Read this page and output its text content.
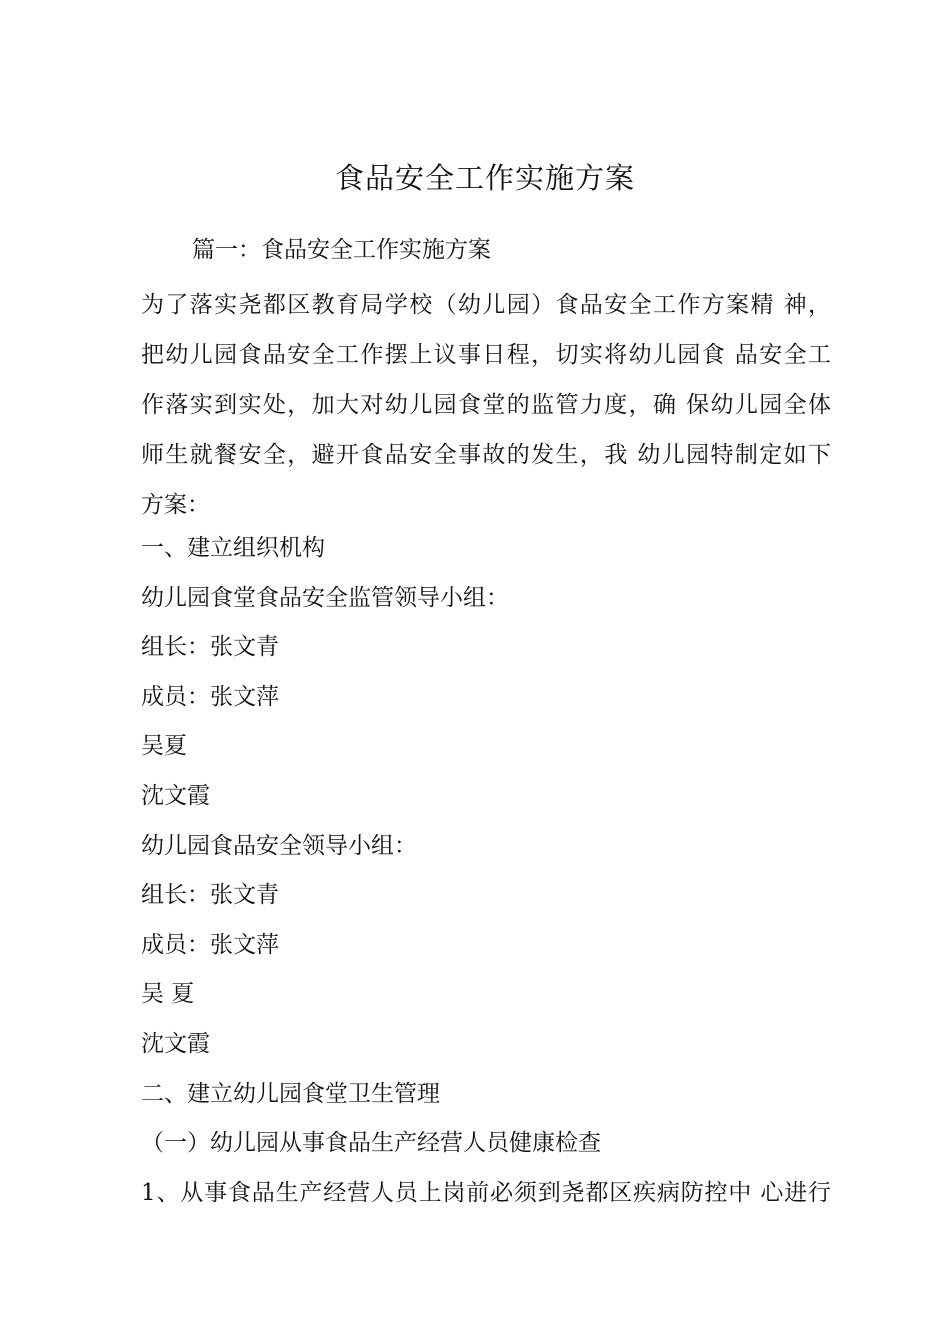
食品安全工作实施方案
篇一：食品安全工作实施方案
为了落实尧都区教育局学校（幼儿园）食品安全工作方案精 神，
把幼儿园食品安全工作摆上议事日程，切实将幼儿园食 品安全工
作落实到实处，加大对幼儿园食堂的监管力度，确 保幼儿园全体
师生就餐安全，避开食品安全事故的发生，我 幼儿园特制定如下
方案：
一、建立组织机构
幼儿园食堂食品安全监管领导小组：
组长：张文青
成员：张文萍
吴夏
沈文霞
幼儿园食品安全领导小组：
组长：张文青
成员：张文萍
吴 夏
沈文霞
二、建立幼儿园食堂卫生管理
（一）幼儿园从事食品生产经营人员健康检查
1、从事食品生产经营人员上岗前必须到尧都区疾病防控中 心进行
